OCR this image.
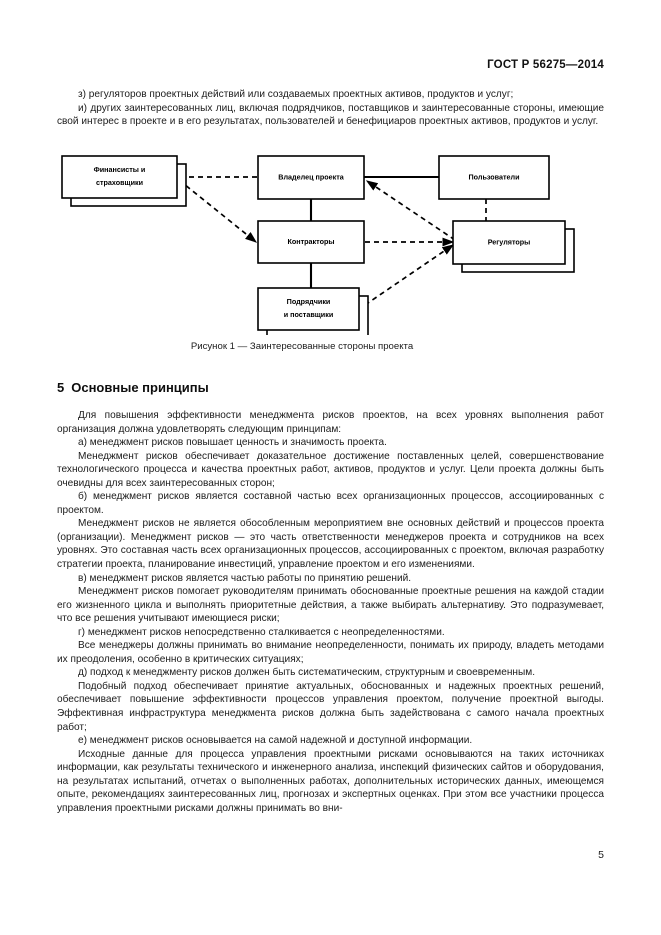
ГОСТ Р 56275—2014

з) регуляторов проектных действий или создаваемых проектных активов, продуктов и услуг;

и) других заинтересованных лиц, включая подрядчиков, поставщиков и заинтересованные стороны, имеющие свой интерес в проекте и в его результатах, пользователей и бенефициаров проектных активов, продуктов и услуг.

Финансисты и
страховщики
Владелец проекта	Пользователи
Контракторы	Регуляторы
Подрядчики
и поставщики
Рисунок 1 — Заинтересованные стороны проекта
5 Основные принципы

Для повышения эффективности менеджмента рисков проектов, на всех уровнях выполнения работ организация должна удовлетворять следующим принципам:

а) менеджмент рисков повышает ценность и значимость проекта.

Менеджмент рисков обеспечивает доказательное достижение поставленных целей, совершенствование технологического процесса и качества проектных работ, активов, продуктов и услуг. Цели проекта должны быть очевидны для всех заинтересованных сторон;

б) менеджмент рисков является составной частью всех организационных процессов, ассоциированных с проектом.

Менеджмент рисков не является обособленным мероприятием вне основных действий и процессов проекта (организации). Менеджмент рисков — это часть ответственности менеджеров проекта и сотрудников на всех уровнях. Это составная часть всех организационных процессов, ассоциированных с проектом, включая разработку стратегии проекта, планирование инвестиций, управление проектом и его изменениями.

в) менеджмент рисков является частью работы по принятию решений.

Менеджмент рисков помогает руководителям принимать обоснованные проектные решения на каждой стадии его жизненного цикла и выполнять приоритетные действия, а также выбирать альтернативу. Это подразумевает, что все решения учитывают имеющиеся риски;

г) менеджмент рисков непосредственно сталкивается с неопределенностями.

Все менеджеры должны принимать во внимание неопределенности, понимать их природу, владеть методами их преодоления, особенно в критических ситуациях;

д) подход к менеджменту рисков должен быть систематическим, структурным и своевременным.

Подобный подход обеспечивает принятие актуальных, обоснованных и надежных проектных решений, обеспечивает повышение эффективности процессов управления проектом, получение проектной выгоды. Эффективная инфраструктура менеджмента рисков должна быть задействована с самого начала проектных работ;

е) менеджмент рисков основывается на самой надежной и доступной информации.

Исходные данные для процесса управления проектными рисками основываются на таких источниках информации, как результаты технического и инженерного анализа, инспекций физических сайтов и оборудования, на результатах испытаний, отчетах о выполненных работах, дополнительных исторических данных, имеющемся опыте, рекомендациях заинтересованных лиц, прогнозах и экспертных оценках. При этом все участники процесса управления проектными рисками должны принимать во вни-

5
